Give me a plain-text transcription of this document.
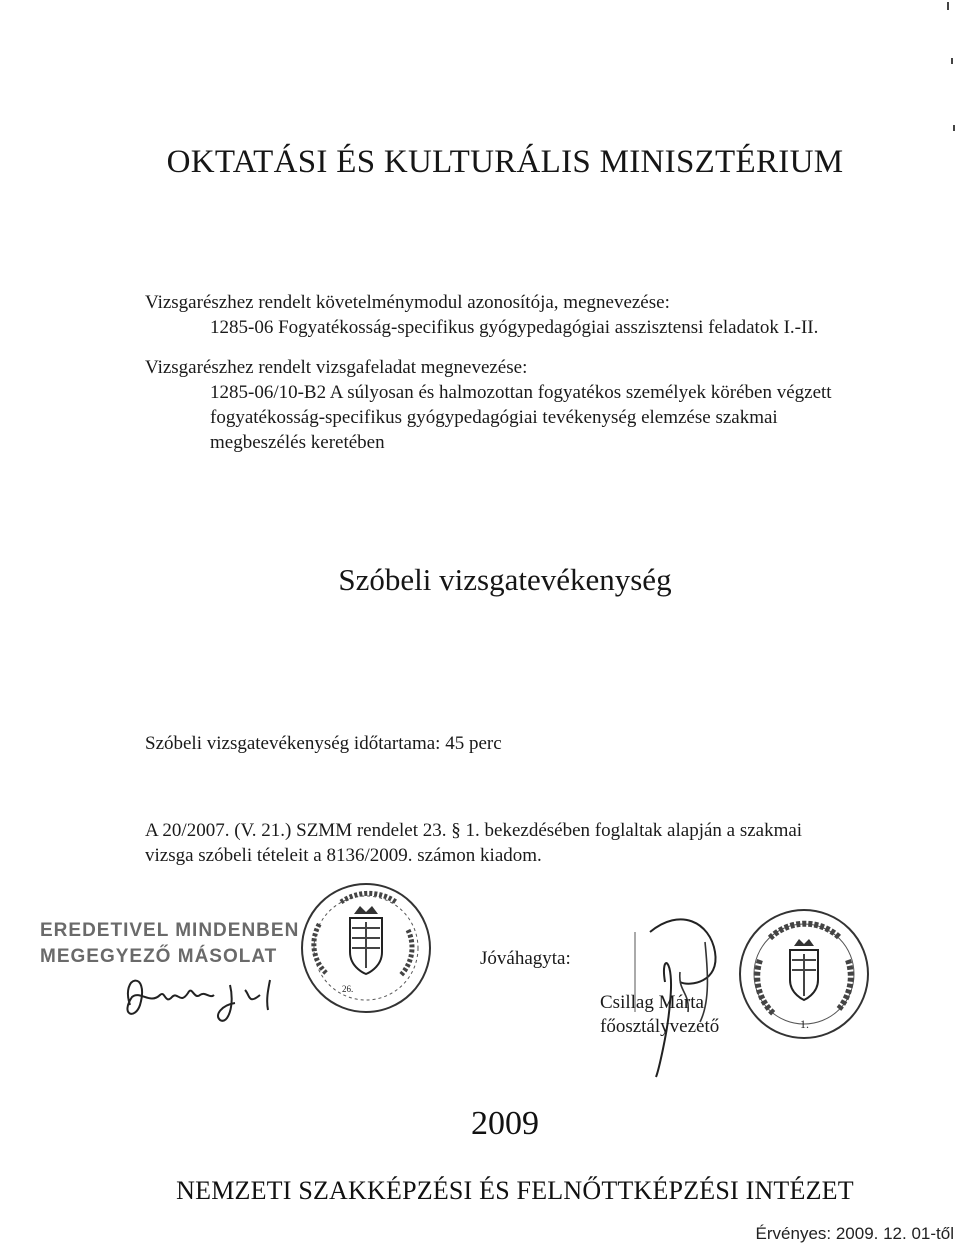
OKTATÁSI ÉS KULTURÁLIS MINISZTÉRIUM
Vizsgarészhez rendelt követelménymodul azonosítója, megnevezése:
1285-06 Fogyatékosság-specifikus gyógypedagógiai asszisztensi feladatok I.-II.
Vizsgarészhez rendelt vizsgafeladat megnevezése:
1285-06/10-B2 A súlyosan és halmozottan fogyatékos személyek körében végzett
fogyatékosság-specifikus gyógypedagógiai tevékenység elemzése szakmai
megbeszélés keretében
Szóbeli vizsgatevékenység
Szóbeli vizsgatevékenység időtartama: 45 perc
A 20/2007. (V. 21.) SZMM rendelet 23. § 1. bekezdésében foglaltak alapján a szakmai
vizsga szóbeli tételeit a 8136/2009. számon kiadom.
EREDETIVEL MINDENBEN
MEGEGYEZŐ MÁSOLAT
26.
Jóváhagyta:
Csillag Márta
főosztályvezető	1.
2009
NEMZETI SZAKKÉPZÉSI ÉS FELNŐTTKÉPZÉSI INTÉZET
Érvényes: 2009. 12. 01-től
